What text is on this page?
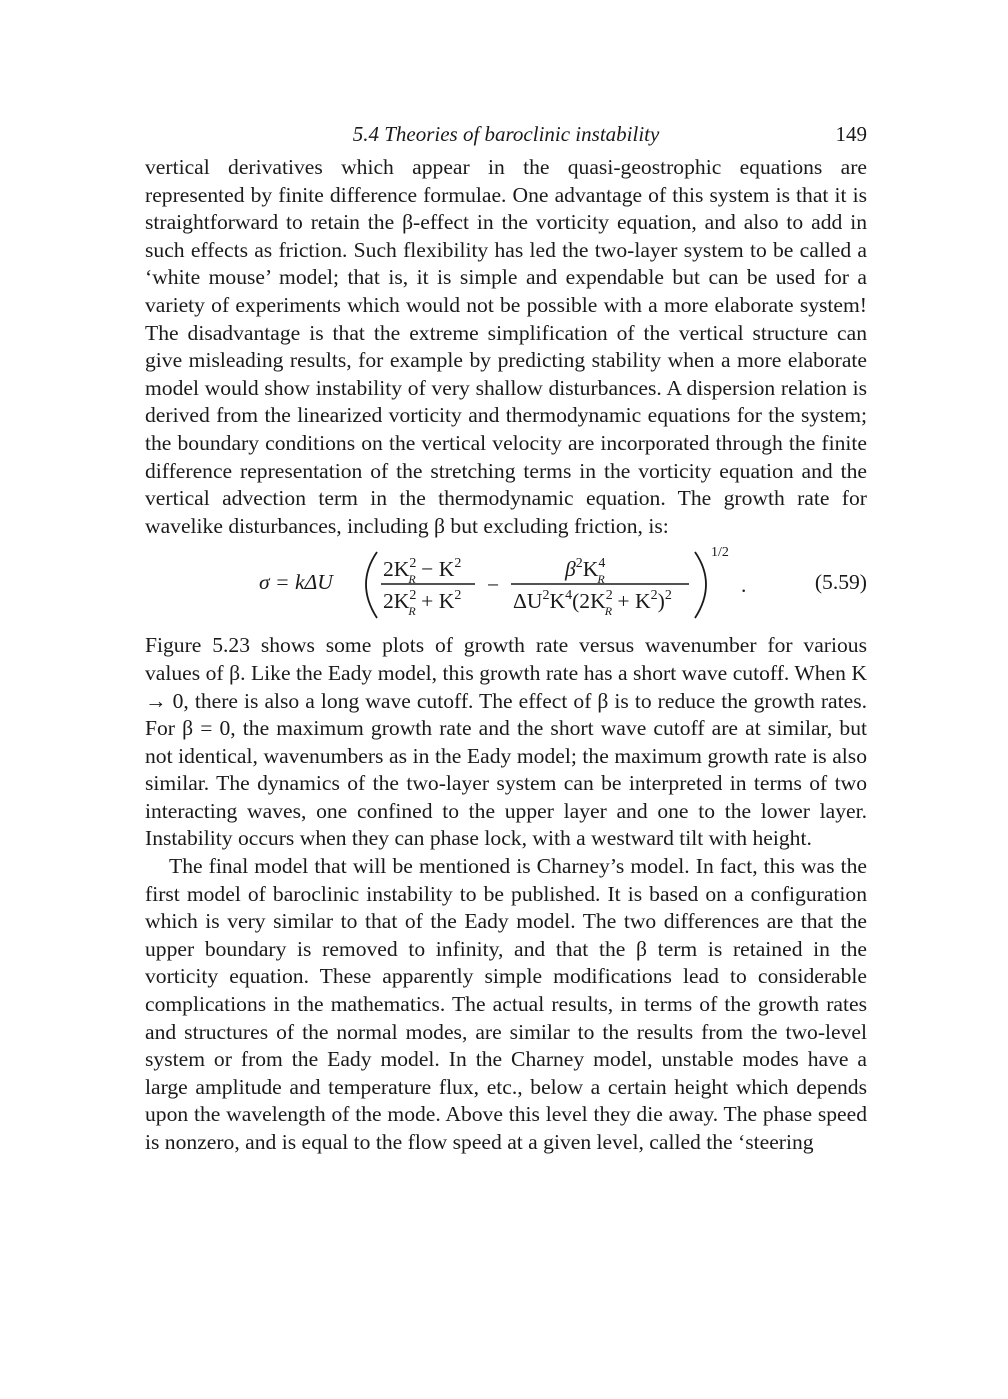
5.4 Theories of baroclinic instability	149

vertical derivatives which appear in the quasi-geostrophic equations are represented by finite difference formulae. One advantage of this system is that it is straightforward to retain the β-effect in the vorticity equation, and also to add in such effects as friction. Such flexibility has led the two-layer system to be called a ‘white mouse’ model; that is, it is simple and expendable but can be used for a variety of experiments which would not be possible with a more elaborate system! The disadvantage is that the extreme simplification of the vertical structure can give misleading results, for example by predicting stability when a more elaborate model would show instability of very shallow disturbances. A dispersion relation is derived from the linearized vorticity and thermodynamic equations for the system; the boundary conditions on the vertical velocity are incorporated through the finite difference representation of the stretching terms in the vorticity equation and the vertical advection term in the thermodynamic equation. The growth rate for wavelike disturbances, including β but excluding friction, is:

σ = kΔU
$2K^2$ $R - K^2$
$2K^2$ $R + K^2$ −
$\beta^2K^4$ R
$\Delta U^2K^4(2K^2$ $R + K^2)^2$
1/2
.	(5.59)

Figure 5.23 shows some plots of growth rate versus wavenumber for various values of β. Like the Eady model, this growth rate has a short wave cutoff. When K → 0, there is also a long wave cutoff. The effect of β is to reduce the growth rates. For β = 0, the maximum growth rate and the short wave cutoff are at similar, but not identical, wavenumbers as in the Eady model; the maximum growth rate is also similar. The dynamics of the two-layer system can be interpreted in terms of two interacting waves, one confined to the upper layer and one to the lower layer. Instability occurs when they can phase lock, with a westward tilt with height.

The final model that will be mentioned is Charney’s model. In fact, this was the first model of baroclinic instability to be published. It is based on a configuration which is very similar to that of the Eady model. The two differences are that the upper boundary is removed to infinity, and that the β term is retained in the vorticity equation. These apparently simple modifications lead to considerable complications in the mathematics. The actual results, in terms of the growth rates and structures of the normal modes, are similar to the results from the two-level system or from the Eady model. In the Charney model, unstable modes have a large amplitude and temperature flux, etc., below a certain height which depends upon the wavelength of the mode. Above this level they die away. The phase speed is nonzero, and is equal to the flow speed at a given level, called the ‘steering
